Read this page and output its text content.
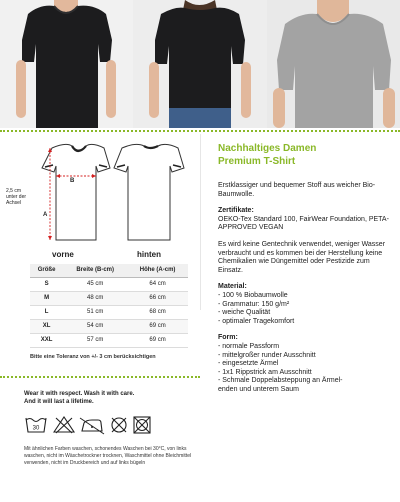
2,5 cm
unter der
Achsel
B
A
vorne	hinten
Größe	Breite (B-cm)	Höhe (A-cm)
S	45 cm	64 cm
M	48 cm	66 cm
L	51 cm	68 cm
XL	54 cm	69 cm
XXL	57 cm	69 cm
Bitte eine Toleranz von +/- 3 cm berücksichtigen
Wear it with respect. Wash it with care.
And it will last a lifetime.
30
Mit ähnlichen Farben waschen, schonendes Waschen bei 30°C, von links waschen, nicht im Wäschetrockner trocknen, Waschmittel ohne Bleichmittel verwenden, nicht im Druckbereich und auf links bügeln
Nachhaltiges Damen
Premium T-Shirt
Erstklassiger und bequemer Stoff aus weicher Bio-Baumwolle.
Zertifikate:
OEKO-Tex Standard 100, FairWear Foundation, PETA-APPROVED VEGAN
Es wird keine Gentechnik verwendet, weniger Wasser verbraucht und es kommen bei der Herstellung keine Chemikalien wie Düngemittel oder Pestizide zum Einsatz.
Material:
- 100 % Biobaumwolle
- Grammatur: 150 g/m²
- weiche Qualität
- optimaler Tragekomfort
Form:
- normale Passform
- mittelgroßer runder Ausschnitt
- eingesetzte Ärmel
- 1x1 Rippstrick am Ausschnitt
- Schmale Doppelabsteppung an Ärmel-
enden und unterem Saum
